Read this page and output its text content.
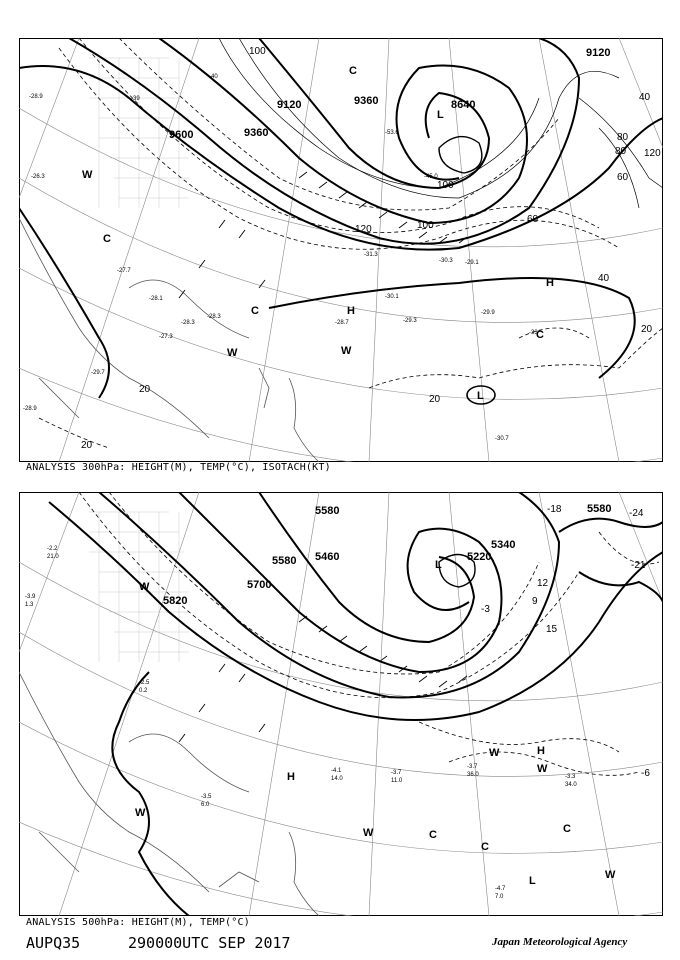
9600
9120
9360
9360	8640
9120
100
100
120
80
60
40
20
20
20
100
120
80
60
40
20
L
L
H
H
C
C
W
W	W
C
C
-28.9
-30.3
-30.1
-29.3
-28.7
-28.3
-27.7
-28.1
-29.9
-30.7
-31.3
-29.1
-33
-39
-40
-45.0
-53.6
-28.9
-29.7
-27.3
-28.3
-26.3
ANALYSIS 300hPa: HEIGHT(M), TEMP(°C), ISOTACH(KT)
5580
5820
5700
5580
5220
5460
5340
5580
L
L
H
H
W
W
W
W
C	C
C
W
W
-18	-24
-21
-6
-3
9
12
15
-3.7
11.0
-3.3
34.0
-3.7
36.0
-4.7
7.0
-4.1
14.0
-3.5
6.0
-2.2
21.0
-3.9
1.3
-2.5
0.2
ANALYSIS 500hPa: HEIGHT(M), TEMP(°C)
AUPQ35	290000UTC SEP 2017	Japan Meteorological Agency
